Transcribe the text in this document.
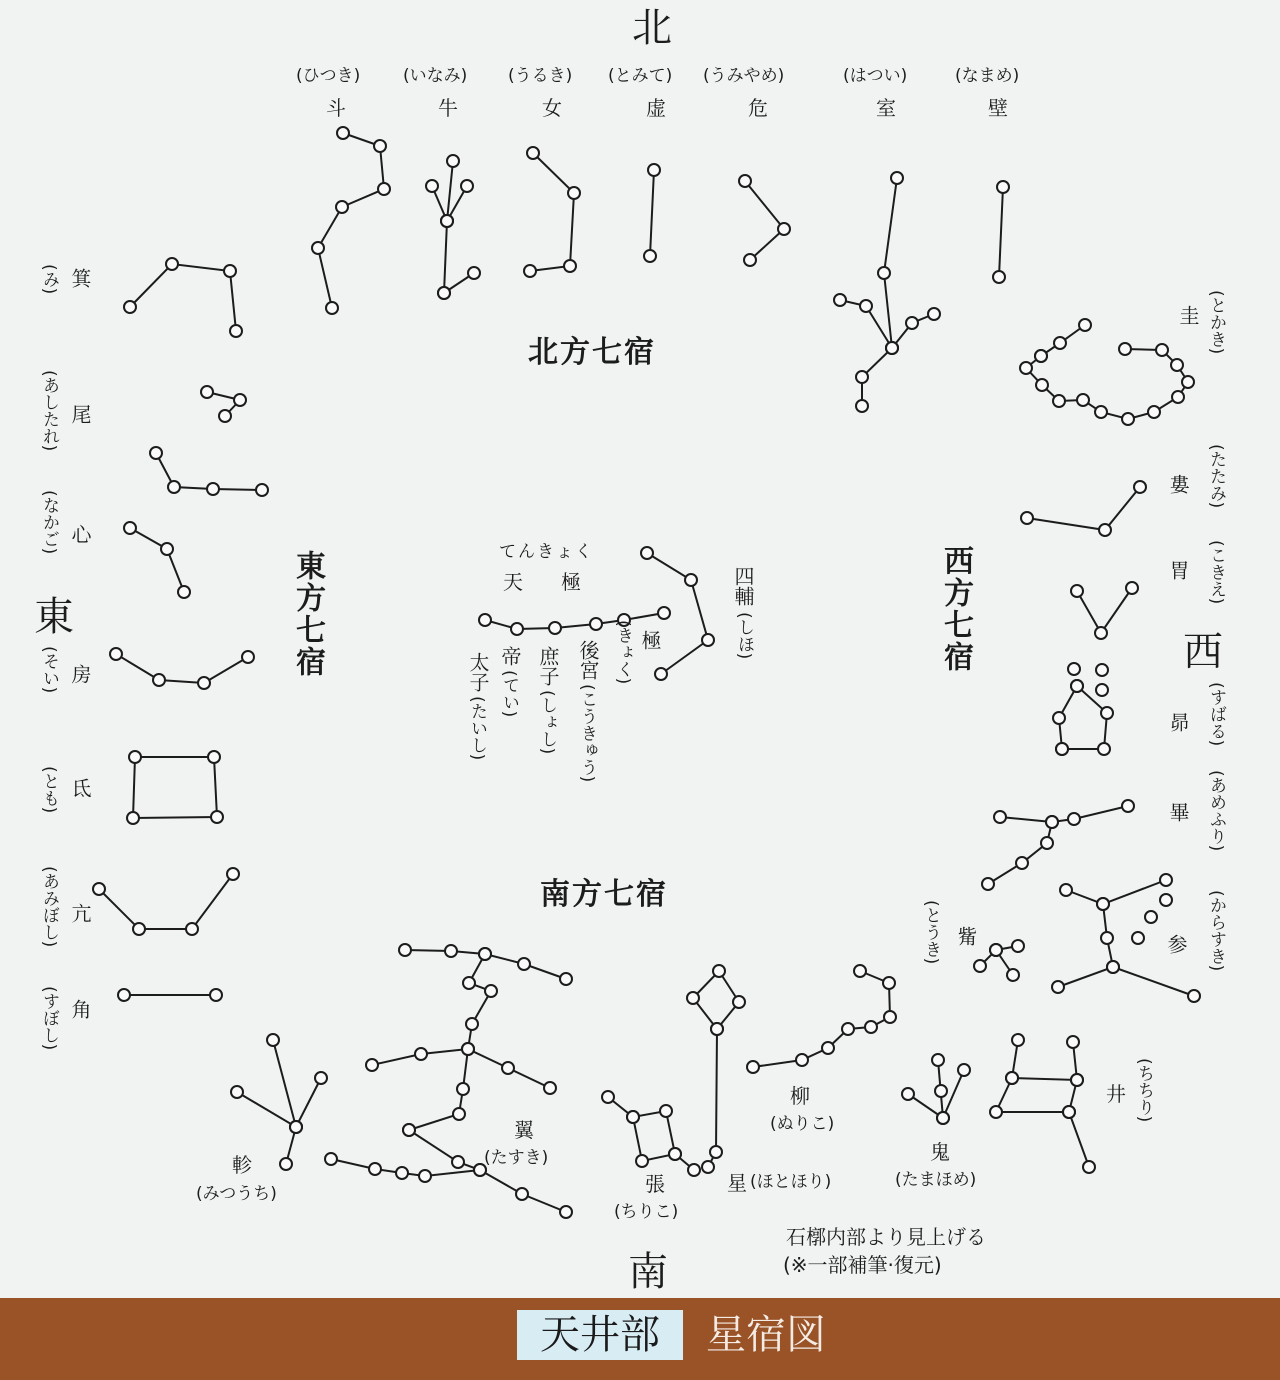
北
南
東
西
北方七宿
南方七宿
東方七宿	西方七宿
(ひつき)
斗
(いなみ)
牛
(うるき)
女
(とみて)
虚
(うみやめ)
危
(はつい)
室
(なまめ)
壁
(み) 箕
(あしたれ) 尾
(なかご) 心
(そい) 房
(とも) 氐
(あみぼし) 亢
(すぼし) 角
圭 (とかき)
婁 (たたみ)
胃 (こきえ)
昴 (すばる)
畢 (あめふり)
觜
(とうき)	参 (からすき)
井 (ちちり)
鬼
(たまほめ)
柳
(ぬりこ)
星 (ほとほり)
張
(ちりこ)
翼
(たすき)
軫
(みつうち)
てんきょく
天 極	四輔
(しほ)
極
(きょく)
後宮
(こうきゅう)
庶子
(しょし)
帝
(てい)
太子
(たいし)
石槨内部より見上げる
(※一部補筆·復元)
天井部	星宿図
